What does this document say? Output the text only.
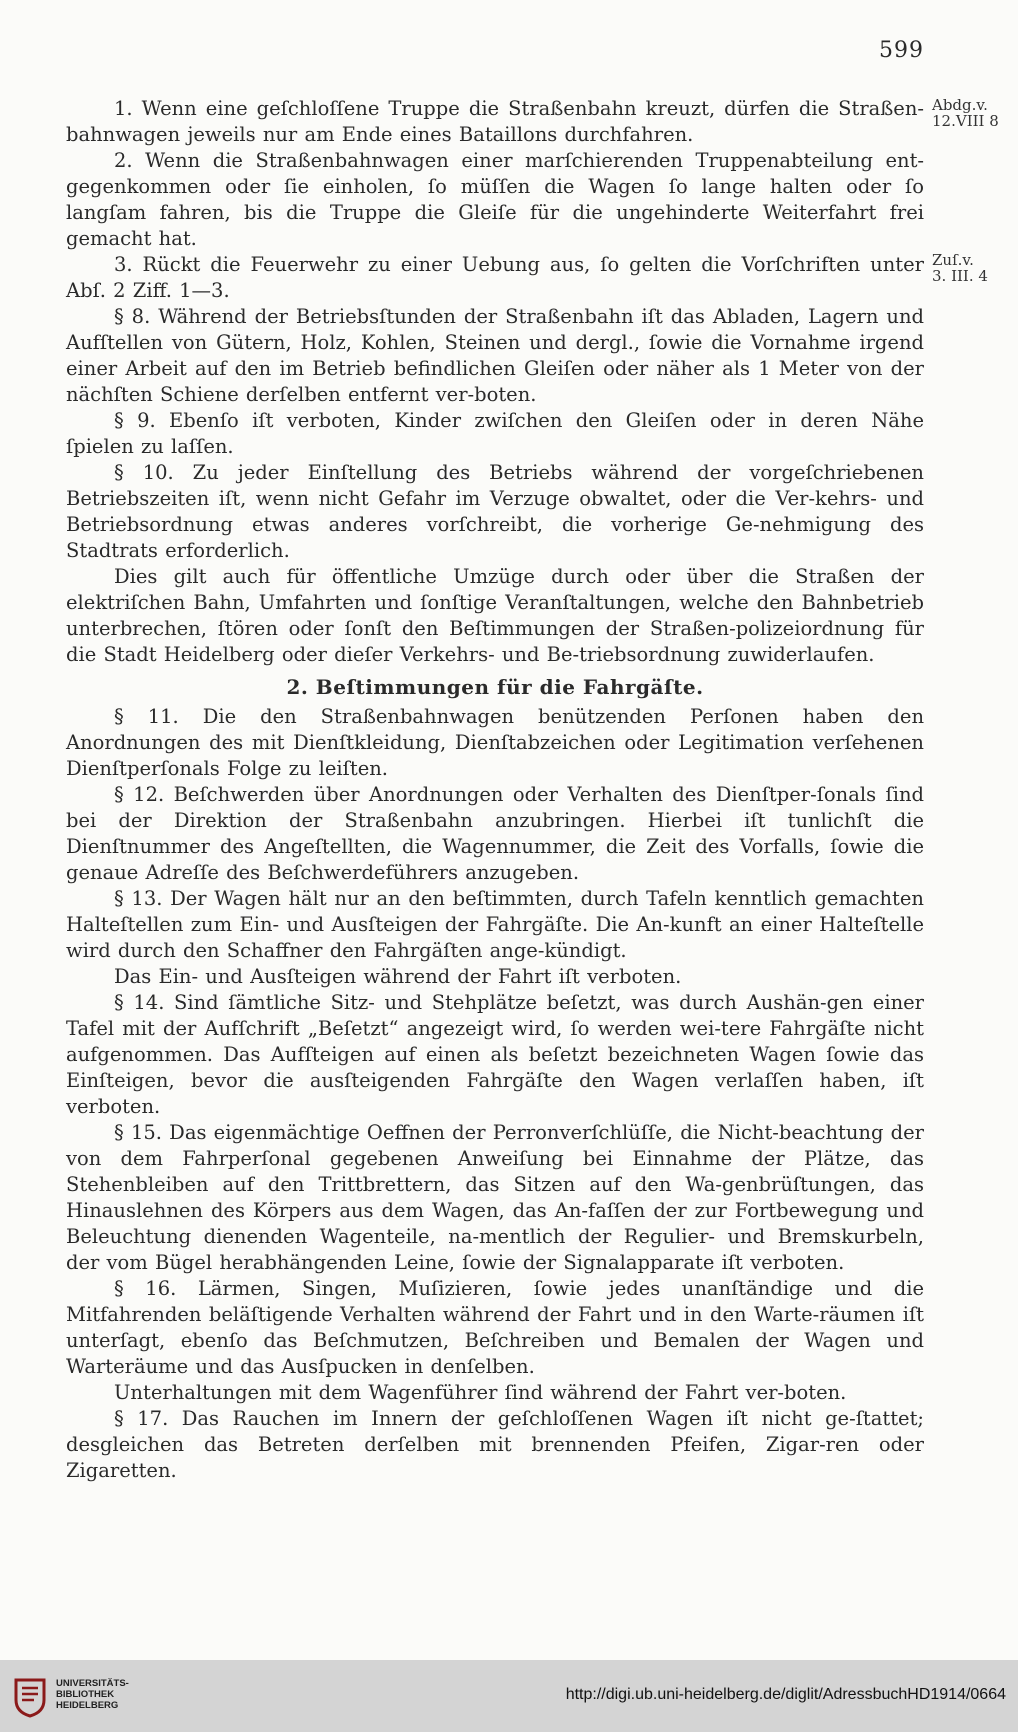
599
Abdg.v.
12.VIII 8
Zuſ.v.
3. III. 4

1. Wenn eine geſchloſſene Truppe die Straßenbahn kreuzt, dürfen die Straßen-bahnwagen jeweils nur am Ende eines Bataillons durchfahren.

2. Wenn die Straßenbahnwagen einer marſchierenden Truppenabteilung ent-gegenkommen oder ſie einholen, ſo müſſen die Wagen ſo lange halten oder ſo langſam fahren, bis die Truppe die Gleiſe für die ungehinderte Weiterfahrt frei gemacht hat.

3. Rückt die Feuerwehr zu einer Uebung aus, ſo gelten die Vorſchriften unter Abſ. 2 Ziff. 1—3.

§ 8. Während der Betriebsſtunden der Straßenbahn iſt das Abladen, Lagern und Aufſtellen von Gütern, Holz, Kohlen, Steinen und dergl., ſowie die Vornahme irgend einer Arbeit auf den im Betrieb befindlichen Gleiſen oder näher als 1 Meter von der nächſten Schiene derſelben entfernt ver-boten.

§ 9. Ebenſo iſt verboten, Kinder zwiſchen den Gleiſen oder in deren Nähe ſpielen zu laſſen.

§ 10. Zu jeder Einſtellung des Betriebs während der vorgeſchriebenen Betriebszeiten iſt, wenn nicht Gefahr im Verzuge obwaltet, oder die Ver-kehrs- und Betriebsordnung etwas anderes vorſchreibt, die vorherige Ge-nehmigung des Stadtrats erforderlich.

Dies gilt auch für öffentliche Umzüge durch oder über die Straßen der elektriſchen Bahn, Umfahrten und ſonſtige Veranſtaltungen, welche den Bahnbetrieb unterbrechen, ſtören oder ſonſt den Beſtimmungen der Straßen-polizeiordnung für die Stadt Heidelberg oder dieſer Verkehrs- und Be-triebsordnung zuwiderlaufen.

2. Beſtimmungen für die Fahrgäſte.

§ 11. Die den Straßenbahnwagen benützenden Perſonen haben den Anordnungen des mit Dienſtkleidung, Dienſtabzeichen oder Legitimation verſehenen Dienſtperſonals Folge zu leiſten.

§ 12. Beſchwerden über Anordnungen oder Verhalten des Dienſtper-ſonals ſind bei der Direktion der Straßenbahn anzubringen. Hierbei iſt tunlichſt die Dienſtnummer des Angeſtellten, die Wagennummer, die Zeit des Vorfalls, ſowie die genaue Adreſſe des Beſchwerdeführers anzugeben.

§ 13. Der Wagen hält nur an den beſtimmten, durch Tafeln kenntlich gemachten Halteſtellen zum Ein- und Ausſteigen der Fahrgäſte. Die An-kunft an einer Halteſtelle wird durch den Schaffner den Fahrgäſten ange-kündigt.

Das Ein- und Ausſteigen während der Fahrt iſt verboten.

§ 14. Sind ſämtliche Sitz- und Stehplätze beſetzt, was durch Aushän-gen einer Tafel mit der Aufſchrift „Beſetzt“ angezeigt wird, ſo werden wei-tere Fahrgäſte nicht aufgenommen. Das Aufſteigen auf einen als beſetzt bezeichneten Wagen ſowie das Einſteigen, bevor die ausſteigenden Fahrgäſte den Wagen verlaſſen haben, iſt verboten.

§ 15. Das eigenmächtige Oeffnen der Perronverſchlüſſe, die Nicht-beachtung der von dem Fahrperſonal gegebenen Anweiſung bei Einnahme der Plätze, das Stehenbleiben auf den Trittbrettern, das Sitzen auf den Wa-genbrüſtungen, das Hinauslehnen des Körpers aus dem Wagen, das An-faſſen der zur Fortbewegung und Beleuchtung dienenden Wagenteile, na-mentlich der Regulier- und Bremskurbeln, der vom Bügel herabhängenden Leine, ſowie der Signalapparate iſt verboten.

§ 16. Lärmen, Singen, Muſizieren, ſowie jedes unanſtändige und die Mitfahrenden beläſtigende Verhalten während der Fahrt und in den Warte-räumen iſt unterſagt, ebenſo das Beſchmutzen, Beſchreiben und Bemalen der Wagen und Warteräume und das Ausſpucken in denſelben.

Unterhaltungen mit dem Wagenführer ſind während der Fahrt ver-boten.

§ 17. Das Rauchen im Innern der geſchloſſenen Wagen iſt nicht ge-ſtattet; desgleichen das Betreten derſelben mit brennenden Pfeifen, Zigar-ren oder Zigaretten.

UNIVERSITÄTS-
BIBLIOTHEK
HEIDELBERG
http://digi.ub.uni-heidelberg.de/diglit/AdressbuchHD1914/0664
